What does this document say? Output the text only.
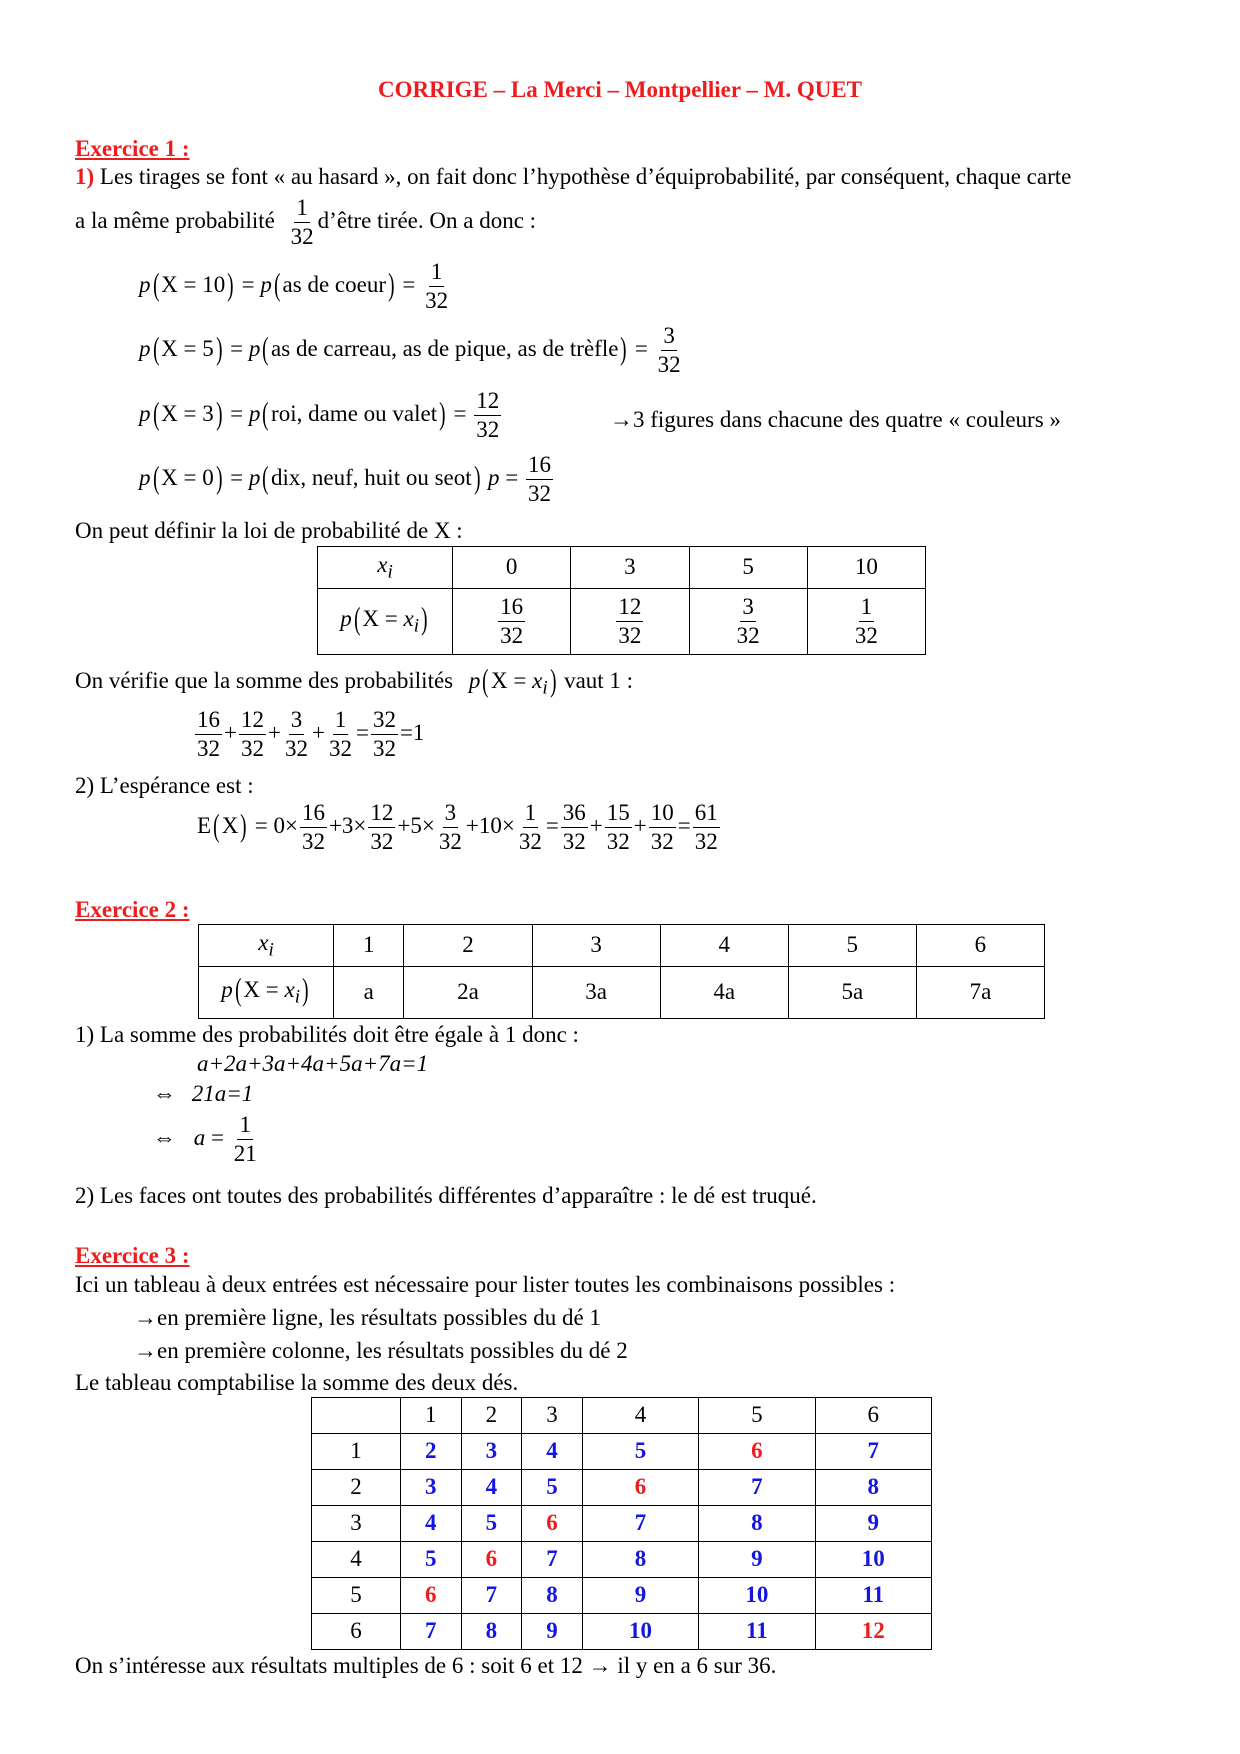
CORRIGE – La Merci – Montpellier – M. QUET
Exercice 1 :
1) Les tirages se font « au hasard », on fait donc l’hypothèse d’équiprobabilité, par conséquent, chaque carte
a la même probabilité $\frac{1}{32}$ d’être tirée. On a donc :
p(X = 10) = p(as de coeur) = $\frac{1}{32}$
p(X = 5) = p(as de carreau, as de pique, as de trèfle) = $\frac{3}{32}$
p(X = 3) = p(roi, dame ou valet) = $\frac{12}{32}$	→3 figures dans chacune des quatre « couleurs »
p(X = 0) = p(dix, neuf, huit ou seot) $p = \frac{16}{32}$
On peut définir la loi de probabilité de X :
$x_i$	0	3	5	10
$p(X = x_i)$	$\frac{16}{32}$	$\frac{12}{32}$	$\frac{3}{32}$	$\frac{1}{32}$
On vérifie que la somme des probabilités $p(X = x_i)$ vaut 1 :
$\frac{16}{32} + \frac{12}{32} + \frac{3}{32} + \frac{1}{32} = \frac{32}{32} =1$
2) L’espérance est :
$E(X) = 0\times \frac{16}{32} +3\times \frac{12}{32} +5\times \frac{3}{32} +10\times \frac{1}{32} = \frac{36}{32} + \frac{15}{32} + \frac{10}{32} = \frac{61}{32}$
Exercice 2 :
$x_i$	1	2	3	4	5	6
$p(X = x_i)$	a	2a	3a	4a	5a	7a
1) La somme des probabilités doit être égale à 1 donc :
a+2a+3a+4a+5a+7a=1
⇔ 21a=1
⇔ $a = \frac{1}{21}$
2) Les faces ont toutes des probabilités différentes d’apparaître : le dé est truqué.
Exercice 3 :
Ici un tableau à deux entrées est nécessaire pour lister toutes les combinaisons possibles :
→en première ligne, les résultats possibles du dé 1
→en première colonne, les résultats possibles du dé 2
Le tableau comptabilise la somme des deux dés.
	1	2	3	4	5	6
1	2	3	4	5	6	7
2	3	4	5	6	7	8
3	4	5	6	7	8	9
4	5	6	7	8	9	10
5	6	7	8	9	10	11
6	7	8	9	10	11	12
On s’intéresse aux résultats multiples de 6 : soit 6 et 12 → il y en a 6 sur 36.
